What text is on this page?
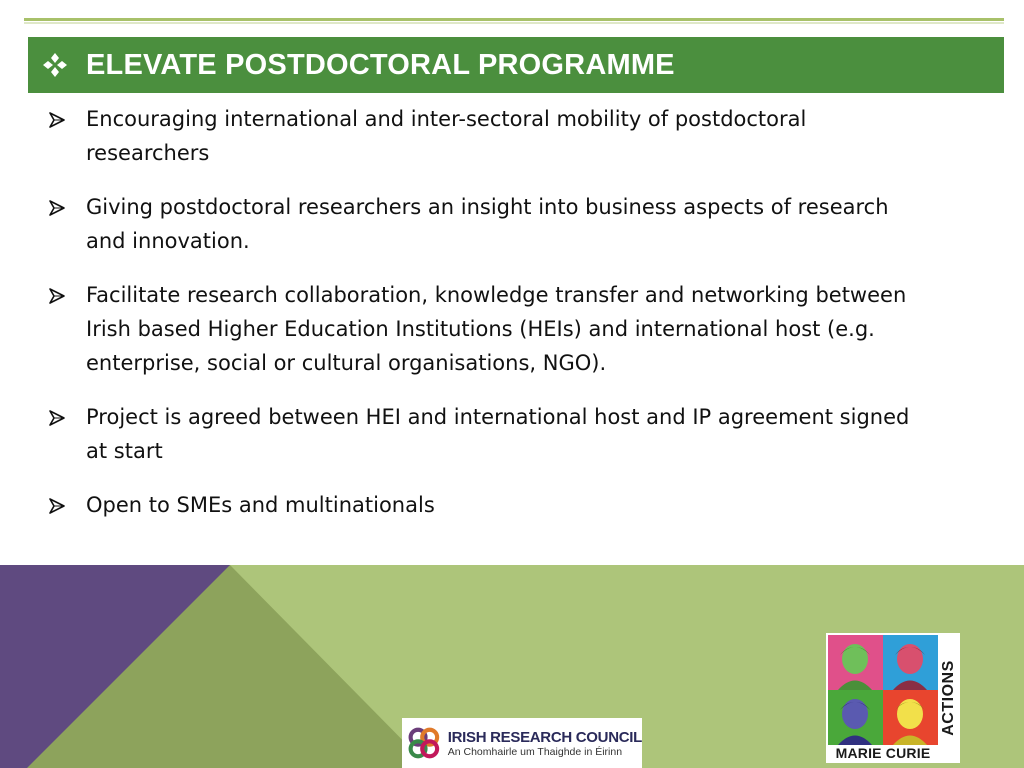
ELEVATE POSTDOCTORAL PROGRAMME
Encouraging international and inter-sectoral mobility of postdoctoral researchers
Giving postdoctoral researchers an insight into business aspects of research and innovation.
Facilitate research collaboration, knowledge transfer and networking between Irish based Higher Education Institutions (HEIs) and international host (e.g. enterprise, social or cultural organisations, NGO).
Project is agreed between HEI and international host and IP agreement signed at start
Open to SMEs and multinationals
IRISH RESEARCH COUNCIL
An Chomhairle um Thaighde in Éirinn	MARIE CURIE
ACTIONS
